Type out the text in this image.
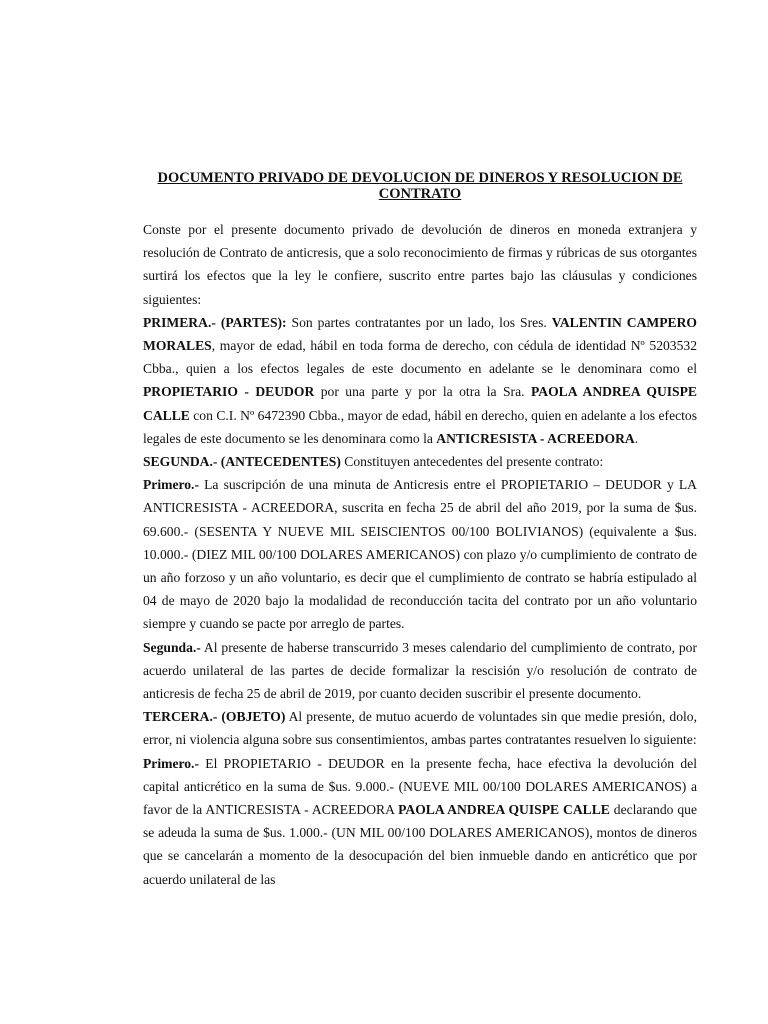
DOCUMENTO PRIVADO DE DEVOLUCION DE DINEROS Y RESOLUCION DE CONTRATO

Conste por el presente documento privado de devolución de dineros en moneda extranjera y resolución de Contrato de anticresis, que a solo reconocimiento de firmas y rúbricas de sus otorgantes surtirá los efectos que la ley le confiere, suscrito entre partes bajo las cláusulas y condiciones siguientes:

PRIMERA.- (PARTES): Son partes contratantes por un lado, los Sres. VALENTIN CAMPERO MORALES, mayor de edad, hábil en toda forma de derecho, con cédula de identidad Nº 5203532 Cbba., quien a los efectos legales de este documento en adelante se le denominara como el PROPIETARIO - DEUDOR por una parte y por la otra la Sra. PAOLA ANDREA QUISPE CALLE con C.I. Nº 6472390 Cbba., mayor de edad, hábil en derecho, quien en adelante a los efectos legales de este documento se les denominara como la ANTICRESISTA - ACREEDORA.

SEGUNDA.- (ANTECEDENTES) Constituyen antecedentes del presente contrato:

Primero.- La suscripción de una minuta de Anticresis entre el PROPIETARIO – DEUDOR y LA ANTICRESISTA - ACREEDORA, suscrita en fecha 25 de abril del año 2019, por la suma de $us. 69.600.- (SESENTA Y NUEVE MIL SEISCIENTOS 00/100 BOLIVIANOS) (equivalente a $us. 10.000.- (DIEZ MIL 00/100 DOLARES AMERICANOS) con plazo y/o cumplimiento de contrato de un año forzoso y un año voluntario, es decir que el cumplimiento de contrato se habría estipulado al 04 de mayo de 2020 bajo la modalidad de reconducción tacita del contrato por un año voluntario siempre y cuando se pacte por arreglo de partes.

Segunda.- Al presente de haberse transcurrido 3 meses calendario del cumplimiento de contrato, por acuerdo unilateral de las partes de decide formalizar la rescisión y/o resolución de contrato de anticresis de fecha 25 de abril de 2019, por cuanto deciden suscribir el presente documento.

TERCERA.- (OBJETO) Al presente, de mutuo acuerdo de voluntades sin que medie presión, dolo, error, ni violencia alguna sobre sus consentimientos, ambas partes contratantes resuelven lo siguiente:

Primero.- El PROPIETARIO - DEUDOR en la presente fecha, hace efectiva la devolución del capital anticrético en la suma de $us. 9.000.- (NUEVE MIL 00/100 DOLARES AMERICANOS) a favor de la ANTICRESISTA - ACREEDORA PAOLA ANDREA QUISPE CALLE declarando que se adeuda la suma de $us. 1.000.- (UN MIL 00/100 DOLARES AMERICANOS), montos de dineros que se cancelarán a momento de la desocupación del bien inmueble dando en anticrético que por acuerdo unilateral de las
